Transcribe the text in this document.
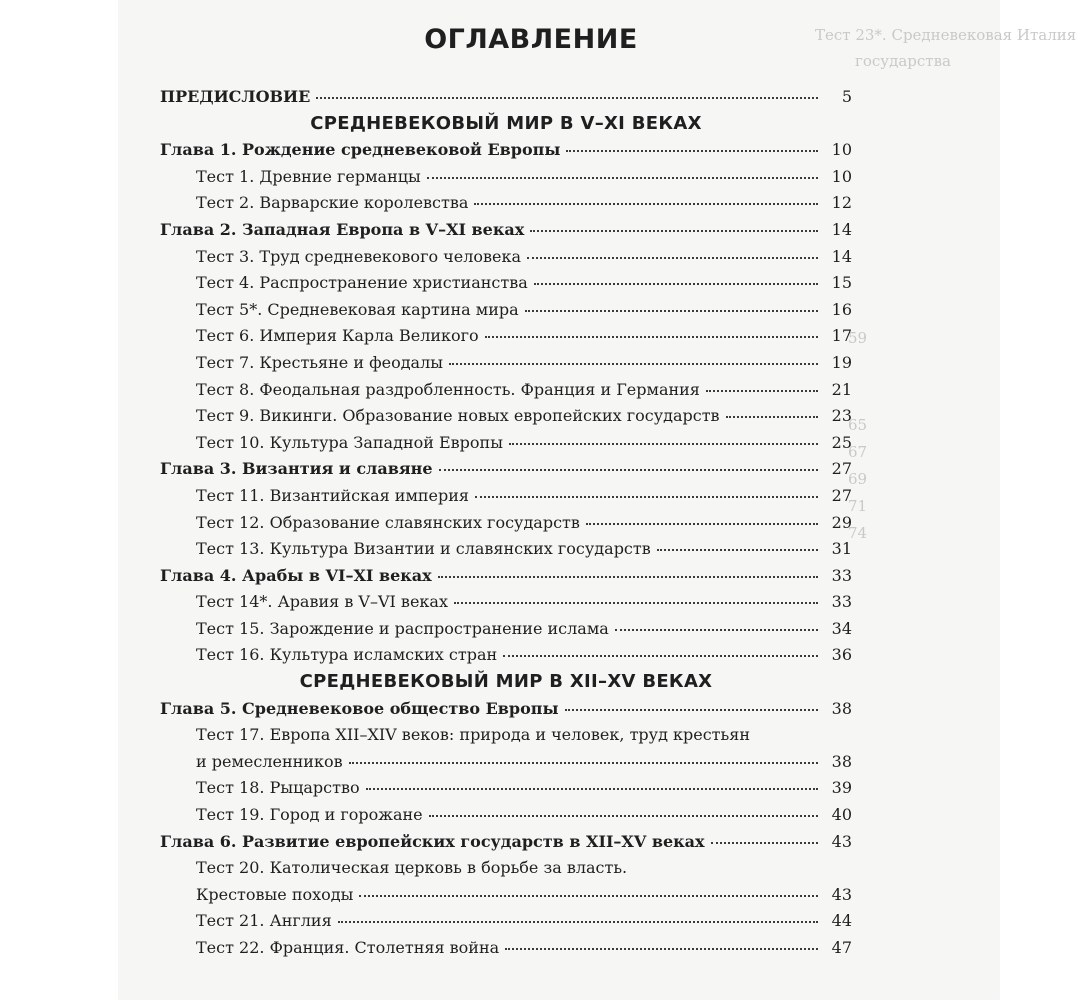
Тест 23*. Средневековая Италия
государства
59
65
67
69
71
74
ОГЛАВЛЕНИЕ
ПРЕДИСЛОВИЕ	5
СРЕДНЕВЕКОВЫЙ МИР В V–XI ВЕКАХ
Глава 1. Рождение средневековой Европы	10
Тест 1. Древние германцы	10
Тест 2. Варварские королевства	12
Глава 2. Западная Европа в V–XI веках	14
Тест 3. Труд средневекового человека	14
Тест 4. Распространение христианства	15
Тест 5*. Средневековая картина мира	16
Тест 6. Империя Карла Великого	17
Тест 7. Крестьяне и феодалы	19
Тест 8. Феодальная раздробленность. Франция и Германия	21
Тест 9. Викинги. Образование новых европейских государств	23
Тест 10. Культура Западной Европы	25
Глава 3. Византия и славяне	27
Тест 11. Византийская империя	27
Тест 12. Образование славянских государств	29
Тест 13. Культура Византии и славянских государств	31
Глава 4. Арабы в VI–XI веках	33
Тест 14*. Аравия в V–VI веках	33
Тест 15. Зарождение и распространение ислама	34
Тест 16. Культура исламских стран	36
СРЕДНЕВЕКОВЫЙ МИР В XII–XV ВЕКАХ
Глава 5. Средневековое общество Европы	38
Тест 17. Европа XII–XIV веков: природа и человек, труд крестьян
и ремесленников	38
Тест 18. Рыцарство	39
Тест 19. Город и горожане	40
Глава 6. Развитие европейских государств в XII–XV веках	43
Тест 20. Католическая церковь в борьбе за власть.
Крестовые походы	43
Тест 21. Англия	44
Тест 22. Франция. Столетняя война	47
